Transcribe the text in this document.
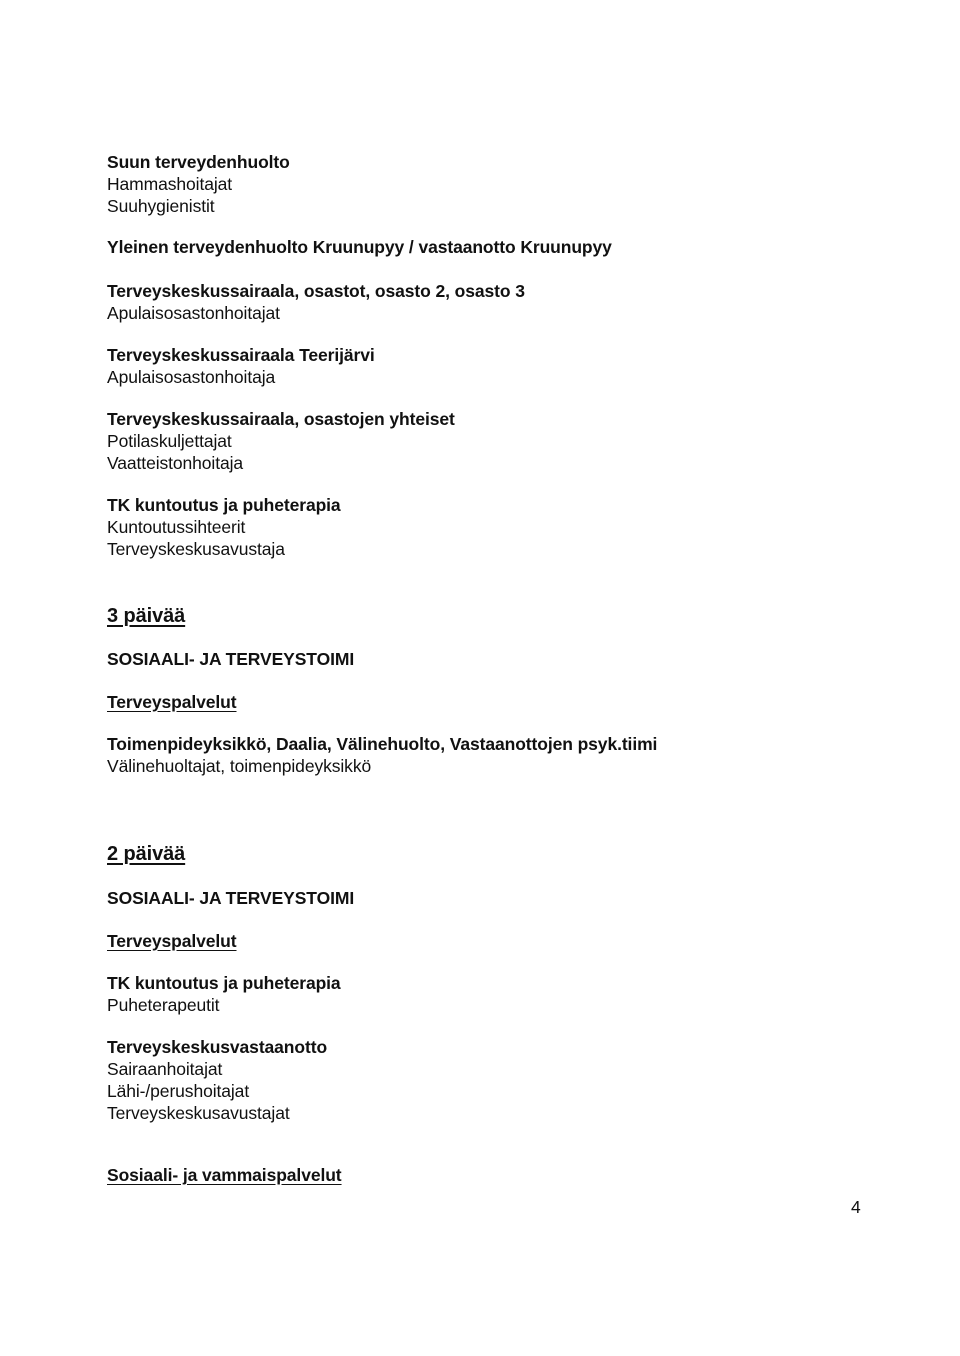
Suun terveydenhuolto
Hammashoitajat
Suuhygienistit
Yleinen terveydenhuolto Kruunupyy / vastaanotto Kruunupyy
Terveyskeskussairaala, osastot, osasto 2, osasto 3
Apulaisosastonhoitajat
Terveyskeskussairaala Teerijärvi
Apulaisosastonhoitaja
Terveyskeskussairaala, osastojen yhteiset
Potilaskuljettajat
Vaatteistonhoitaja
TK kuntoutus ja puheterapia
Kuntoutussihteerit
Terveyskeskusavustaja
3 päivää
SOSIAALI- JA TERVEYSTOIMI
Terveyspalvelut
Toimenpideyksikkö, Daalia, Välinehuolto, Vastaanottojen psyk.tiimi
Välinehuoltajat, toimenpideyksikkö
2 päivää
SOSIAALI- JA TERVEYSTOIMI
Terveyspalvelut
TK kuntoutus ja puheterapia
Puheterapeutit
Terveyskeskusvastaanotto
Sairaanhoitajat
Lähi-/perushoitajat
Terveyskeskusavustajat
Sosiaali- ja vammaispalvelut
4
